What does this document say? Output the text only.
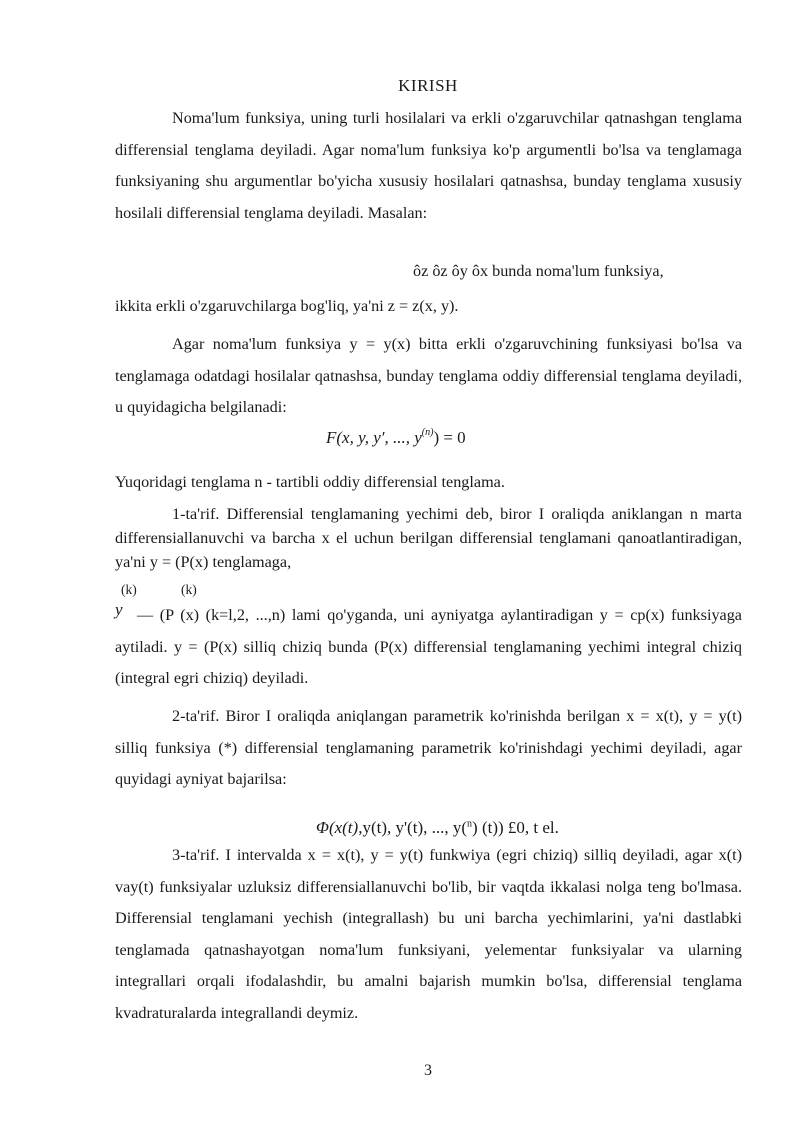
KIRISH

Noma'lum funksiya, uning turli hosilalari va erkli o'zgaruvchilar qatnashgan tenglama differensial tenglama deyiladi. Agar noma'lum funksiya ko'p argumentli bo'lsa va tenglamaga funksiyaning shu argumentlar bo'yicha xususiy hosilalari qatnashsa, bunday tenglama xususiy hosilali differensial tenglama deyiladi. Masalan:

ôz ôz ôy ôx bunda noma'lum funksiya,
ikkita erkli o'zgaruvchilarga bog'liq, ya'ni z = z(x, y).

Agar noma'lum funksiya y = y(x) bitta erkli o'zgaruvchining funksiyasi bo'lsa va tenglamaga odatdagi hosilalar qatnashsa, bunday tenglama oddiy differensial tenglama deyiladi, u quyidagicha belgilanadi:

F(x, y, y′, ..., $y^{(n)}) = 0$
Yuqoridagi tenglama n - tartibli oddiy differensial tenglama.

1-ta'rif. Differensial tenglamaning yechimi deb, biror I oraliqda aniklangan n marta differensiallanuvchi va barcha x el uchun berilgan differensial tenglamani qanoatlantiradigan, ya'ni y = (P(x) tenglamaga,

(k)	(k)
y — (P (x) (k=l,2, ...,n) lami qo'yganda, uni ayniyatga aylantiradigan y = cp(x) funksiyaga aytiladi. y = (P(x) silliq chiziq bunda (P(x) differensial tenglamaning yechimi integral chiziq (integral egri chiziq) deyiladi.

2-ta'rif. Biror I oraliqda aniqlangan parametrik ko'rinishda berilgan x = x(t), y = y(t) silliq funksiya (*) differensial tenglamaning parametrik ko'rinishdagi yechimi deyiladi, agar quyidagi ayniyat bajarilsa:

Φ(x(t),y(t), y'(t), ..., y($^n$) (t)) £0, t el.

3-ta'rif. I intervalda x = x(t), y = y(t) funkwiya (egri chiziq) silliq deyiladi, agar x(t) vay(t) funksiyalar uzluksiz differensiallanuvchi bo'lib, bir vaqtda ikkalasi nolga teng bo'lmasa. Differensial tenglamani yechish (integrallash) bu uni barcha yechimlarini, ya'ni dastlabki tenglamada qatnashayotgan noma'lum funksiyani, yelementar funksiyalar va ularning integrallari orqali ifodalashdir, bu amalni bajarish mumkin bo'lsa, differensial tenglama kvadraturalarda integrallandi deymiz.

3
